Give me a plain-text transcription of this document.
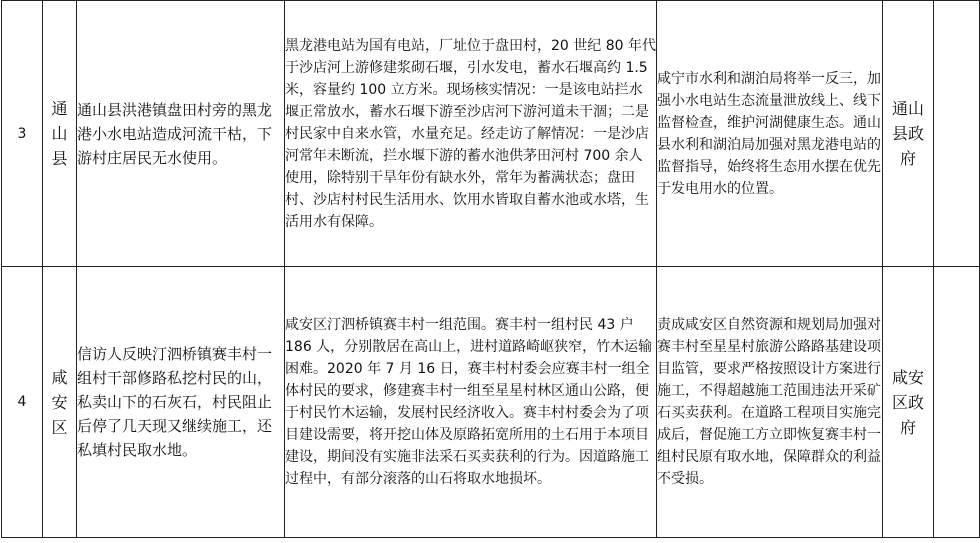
3	通山县	通山县洪港镇盘田村旁的黑龙港小水电站造成河流干枯，下游村庄居民无水使用。	黑龙港电站为国有电站，厂址位于盘田村，20 世纪 80 年代于沙店河上游修建浆砌石堰，引水发电，蓄水石堰高约 1.5 米，容量约 100 立方米。现场核实情况：一是该电站拦水堰正常放水，蓄水石堰下游至沙店河下游河道未干涸；二是村民家中自来水管，水量充足。经走访了解情况：一是沙店河常年未断流，拦水堰下游的蓄水池供茅田河村 700 余人使用，除特别干旱年份有缺水外，常年为蓄满状态；盘田村、沙店村村民生活用水、饮用水皆取自蓄水池或水塔，生活用水有保障。	咸宁市水利和湖泊局将举一反三，加强小水电站生态流量泄放线上、线下监督检查，维护河湖健康生态。通山县水利和湖泊局加强对黑龙港电站的监督指导，始终将生态用水摆在优先于发电用水的位置。	通山县政府	

4	咸安区	信访人反映汀泗桥镇赛丰村一组村干部修路私挖村民的山，私卖山下的石灰石，村民阻止后停了几天现又继续施工，还私填村民取水地。	咸安区汀泗桥镇赛丰村一组范围。赛丰村一组村民 43 户 186 人，分别散居在高山上，进村道路崎岖狭窄，竹木运输困难。2020 年 7 月 16 日，赛丰村村委会应赛丰村一组全体村民的要求，修建赛丰村一组至星星村林区通山公路，便于村民竹木运输，发展村民经济收入。赛丰村村委会为了项目建设需要，将开挖山体及原路拓宽所用的土石用于本项目建设，期间没有实施非法采石买卖获利的行为。因道路施工过程中，有部分滚落的山石将取水地损坏。	责成咸安区自然资源和规划局加强对赛丰村至星星村旅游公路路基建设项目监管，要求严格按照设计方案进行施工，不得超越施工范围违法开采矿石买卖获利。在道路工程项目实施完成后，督促施工方立即恢复赛丰村一组村民原有取水地，保障群众的利益不受损。	咸安区政府	
